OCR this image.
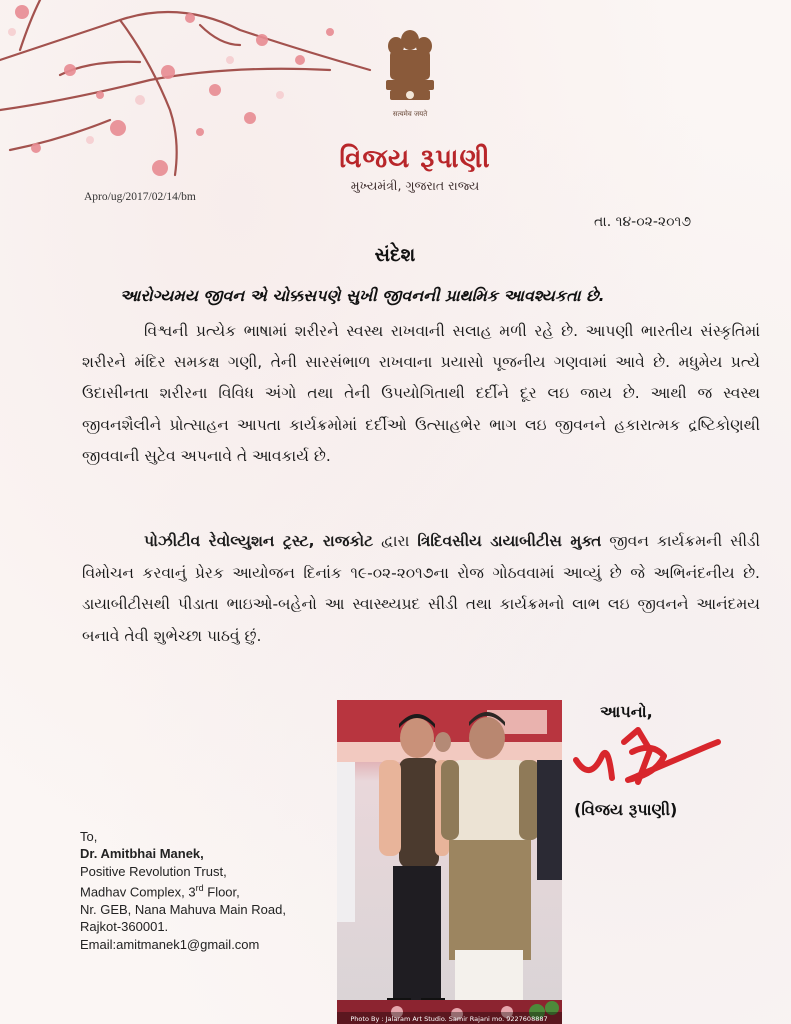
सत्यमेव जयते
વિજય રૂપાણી
મુખ્યમંત્રી, ગુજરાત રાજ્ય
Apro/ug/2017/02/14/bm
તા. ૧૪-૦૨-૨૦૧૭
સંદેશ
આરોગ્યમય જીવન એ ચોક્કસપણે સુખી જીવનની પ્રાથમિક આવશ્યકતા છે.

વિશ્વની પ્રત્યેક ભાષામાં શરીરને સ્વસ્થ રાખવાની સલાહ મળી રહે છે. આપણી ભારતીય સંસ્કૃતિમાં શરીરને મંદિર સમકક્ષ ગણી, તેની સારસંભાળ રાખવાના પ્રયાસો પૂજનીય ગણવામાં આવે છે. મધુમેય પ્રત્યે ઉદાસીનતા શરીરના વિવિધ અંગો તથા તેની ઉપયોગિતાથી દર્દીને દૂર લઇ જાય છે. આથી જ સ્વસ્થ જીવનશૈલીને પ્રોત્સાહન આપતા કાર્યક્રમોમાં દર્દીઓ ઉત્સાહભેર ભાગ લઇ જીવનને હકારાત્મક દ્રષ્ટિકોણથી જીવવાની સુટેવ અપનાવે તે આવકાર્ય છે.

પોઝીટીવ રેવોલ્યુશન ટ્રસ્ટ, રાજકોટ દ્વારા ત્રિદિવસીય ડાયાબીટીસ મુક્ત જીવન કાર્યક્રમની સીડી વિમોચન કરવાનું પ્રેરક આયોજન દિનાંક ૧૯-૦૨-૨૦૧૭ના રોજ ગોઠવવામાં આવ્યું છે જે અભિનંદનીય છે. ડાયાબીટીસથી પીડાતા ભાઇઓ-બહેનો આ સ્વાસ્થ્યપ્રદ સીડી તથા કાર્યક્રમનો લાભ લઇ જીવનને આનંદમય બનાવે તેવી શુભેચ્છા પાઠવું છું.

Photo By : Jalaram Art Studio. Samir Rajani mo. 9227608887
આપનો,
(વિજય રૂપાણી)
To,
Dr. Amitbhai Manek,
Positive Revolution Trust,
Madhav Complex, 3rd Floor,
Nr. GEB, Nana Mahuva Main Road,
Rajkot-360001.
Email:amitmanek1@gmail.com
